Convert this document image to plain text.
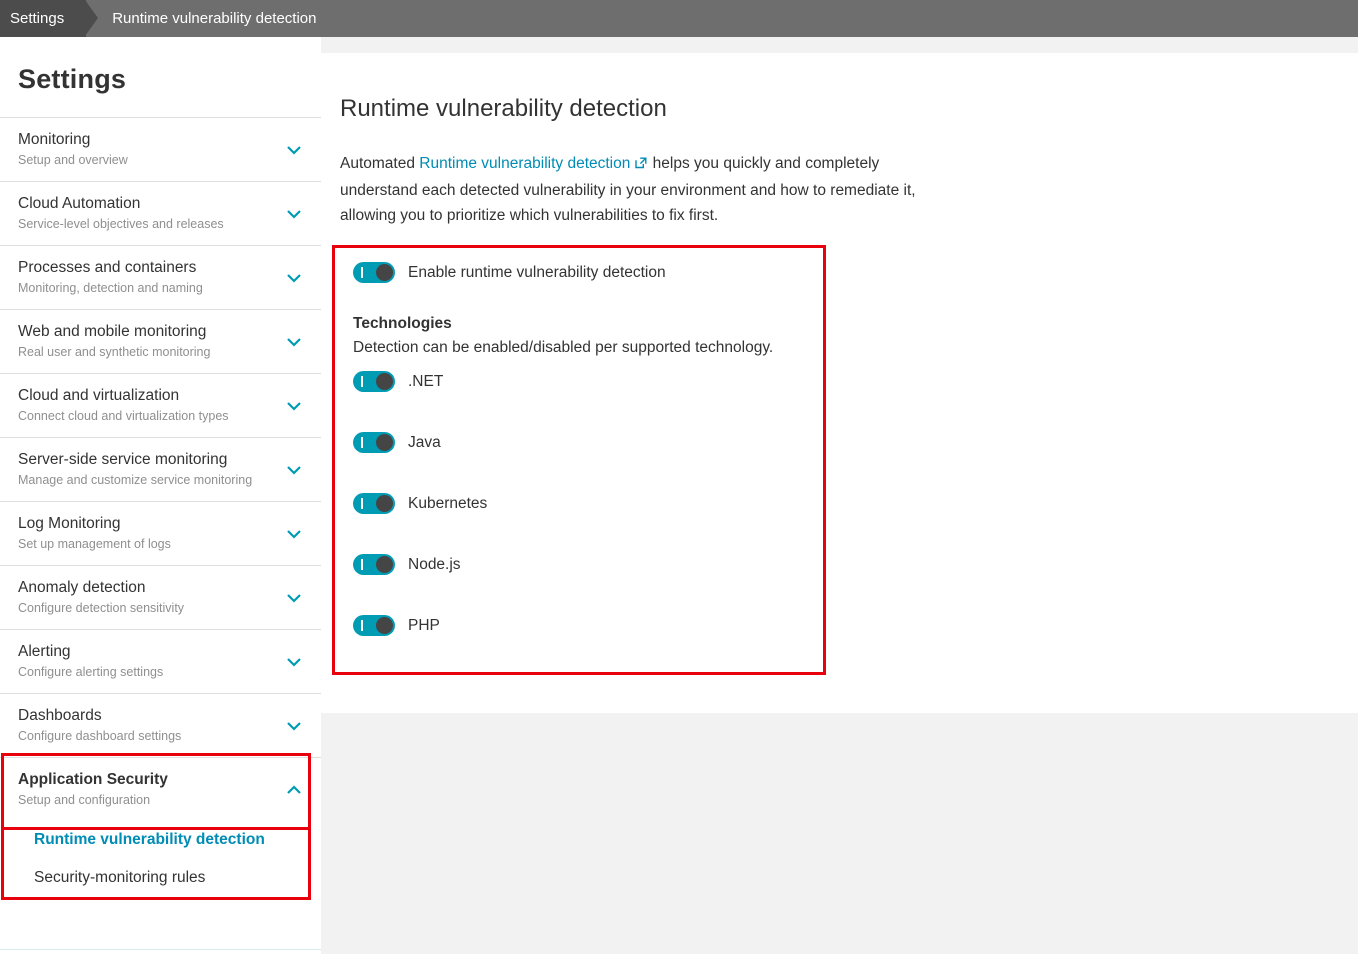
Settings	Runtime vulnerability detection
Settings
Monitoring
Setup and overview
Cloud Automation
Service-level objectives and releases
Processes and containers
Monitoring, detection and naming
Web and mobile monitoring
Real user and synthetic monitoring
Cloud and virtualization
Connect cloud and virtualization types
Server-side service monitoring
Manage and customize service monitoring
Log Monitoring
Set up management of logs
Anomaly detection
Configure detection sensitivity
Alerting
Configure alerting settings
Dashboards
Configure dashboard settings
Application Security
Setup and configuration
Runtime vulnerability detection
Security-monitoring rules
Runtime vulnerability detection

Automated Runtime vulnerability detection helps you quickly and completely understand each detected vulnerability in your environment and how to remediate it, allowing you to prioritize which vulnerabilities to fix first.

Enable runtime vulnerability detection
Technologies
Detection can be enabled/disabled per supported technology.
.NET
Java
Kubernetes
Node.js
PHP
